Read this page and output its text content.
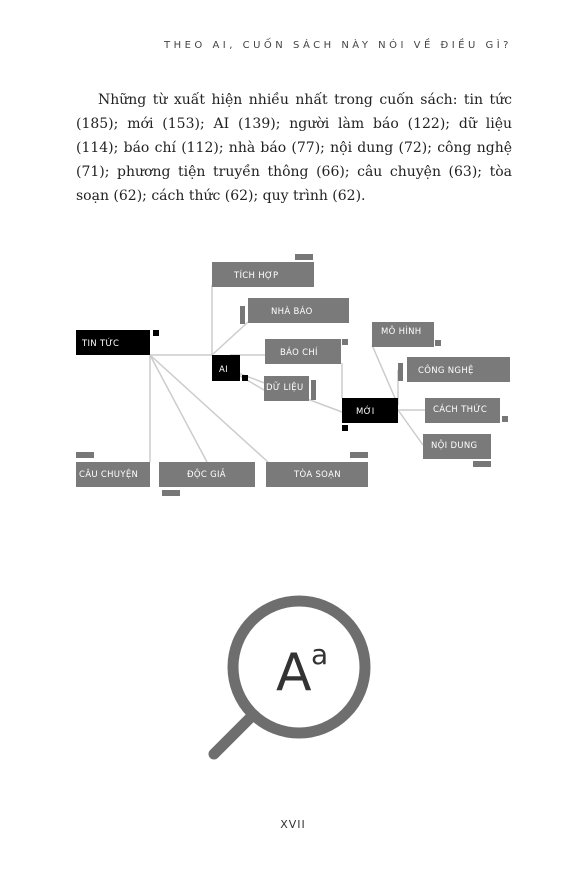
THEO AI, CUỐN SÁCH NÀY NÓI VỀ ĐIỀU GÌ?

Những từ xuất hiện nhiều nhất trong cuốn sách: tin tức (185); mới (153); AI (139); người làm báo (122); dữ liệu (114); báo chí (112); nhà báo (77); nội dung (72); công nghệ (71); phương tiện truyền thông (66); câu chuyện (63); tòa soạn (62); cách thức (62); quy trình (62).

TIN TỨC
AI
TÍCH HỢP
NHÀ BÁO
BÁO CHÍ
DỮ LIỆU
MỚI
MÔ HÌNH
CÔNG NGHỆ
CÁCH THỨC
NỘI DUNG
CÂU CHUYỆN	ĐỘC GIẢ	TÒA SOẠN
A a
XVII
